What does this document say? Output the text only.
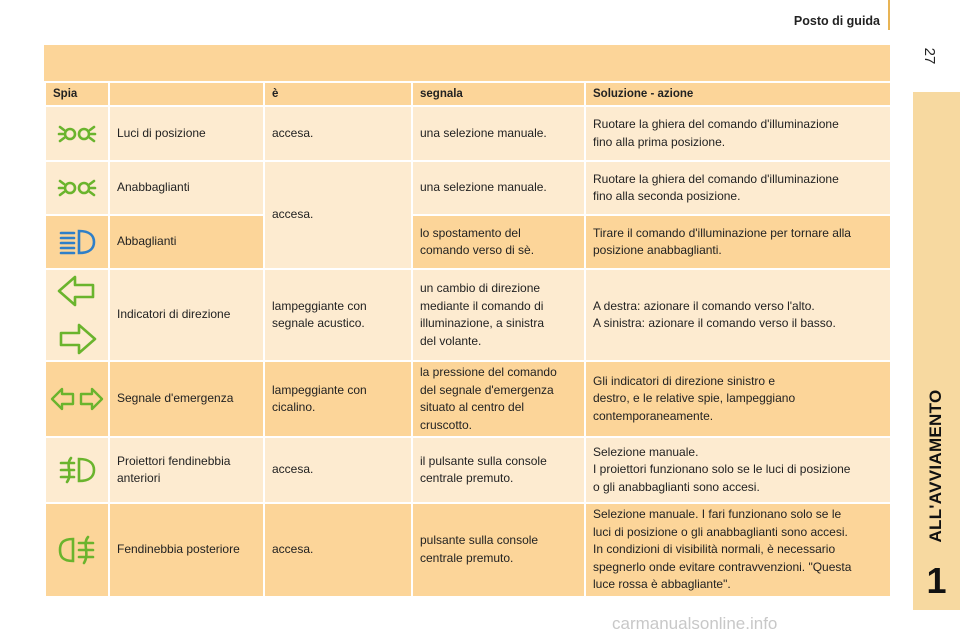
Posto di guida
27
ALL'AVVIAMENTO
1
Spia		è	segnala	Soluzione - azione
	Luci di posizione	accesa.	una selezione manuale.	Ruotare la ghiera del comando d'illuminazione
fino alla prima posizione.
	Anabbaglianti	accesa.	una selezione manuale.	Ruotare la ghiera del comando d'illuminazione
fino alla seconda posizione.
	Abbaglianti		lo spostamento del
comando verso di sè.	Tirare il comando d'illuminazione per tornare alla
posizione anabbaglianti.
	Indicatori di direzione	lampeggiante con
segnale acustico.	un cambio di direzione
mediante il comando di
illuminazione, a sinistra
del volante.	A destra: azionare il comando verso l'alto.
A sinistra: azionare il comando verso il basso.
	Segnale d'emergenza	lampeggiante con
cicalino.	la pressione del comando
del segnale d'emergenza
situato al centro del
cruscotto.	Gli indicatori di direzione sinistro e
destro, e le relative spie, lampeggiano
contemporaneamente.
	Proiettori fendinebbia
anteriori	accesa.	il pulsante sulla console
centrale premuto.	Selezione manuale.
I proiettori funzionano solo se le luci di posizione
o gli anabbaglianti sono accesi.
	Fendinebbia posteriore	accesa.	pulsante sulla console
centrale premuto.	Selezione manuale. I fari funzionano solo se le
luci di posizione o gli anabbaglianti sono accesi.
In condizioni di visibilità normali, è necessario
spegnerlo onde evitare contravvenzioni. "Questa
luce rossa è abbagliante".
carmanualsonline.info
